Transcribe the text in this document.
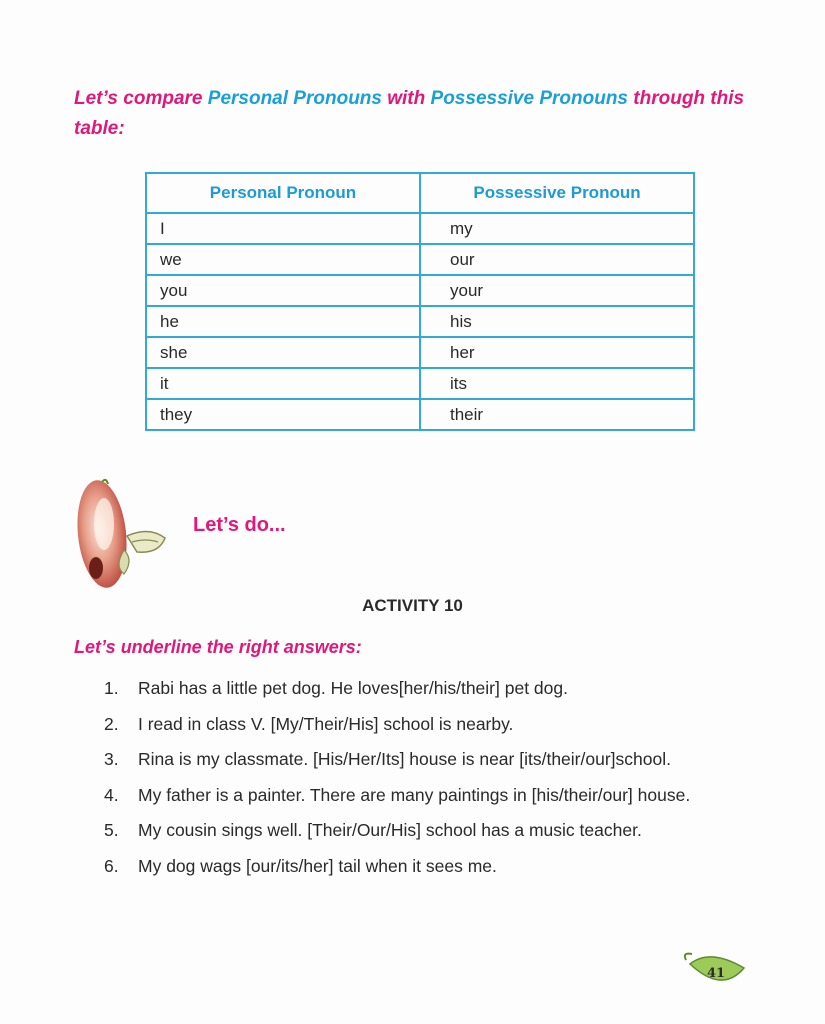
Let’s compare Personal Pronouns with Possessive Pronouns through this table:
Personal Pronoun	Possessive Pronoun
I	my
we	our
you	your
he	his
she	her
it	its
they	their
Let’s do...
ACTIVITY 10
Let’s underline the right answers:
1. Rabi has a little pet dog. He loves[her/his/their] pet dog.
2. I read in class V. [My/Their/His] school is nearby.
3. Rina is my classmate. [His/Her/Its] house is near [its/their/our]school.
4. My father is a painter. There are many paintings in [his/their/our] house.
5. My cousin sings well. [Their/Our/His] school has a music teacher.
6. My dog wags [our/its/her] tail when it sees me.
41
